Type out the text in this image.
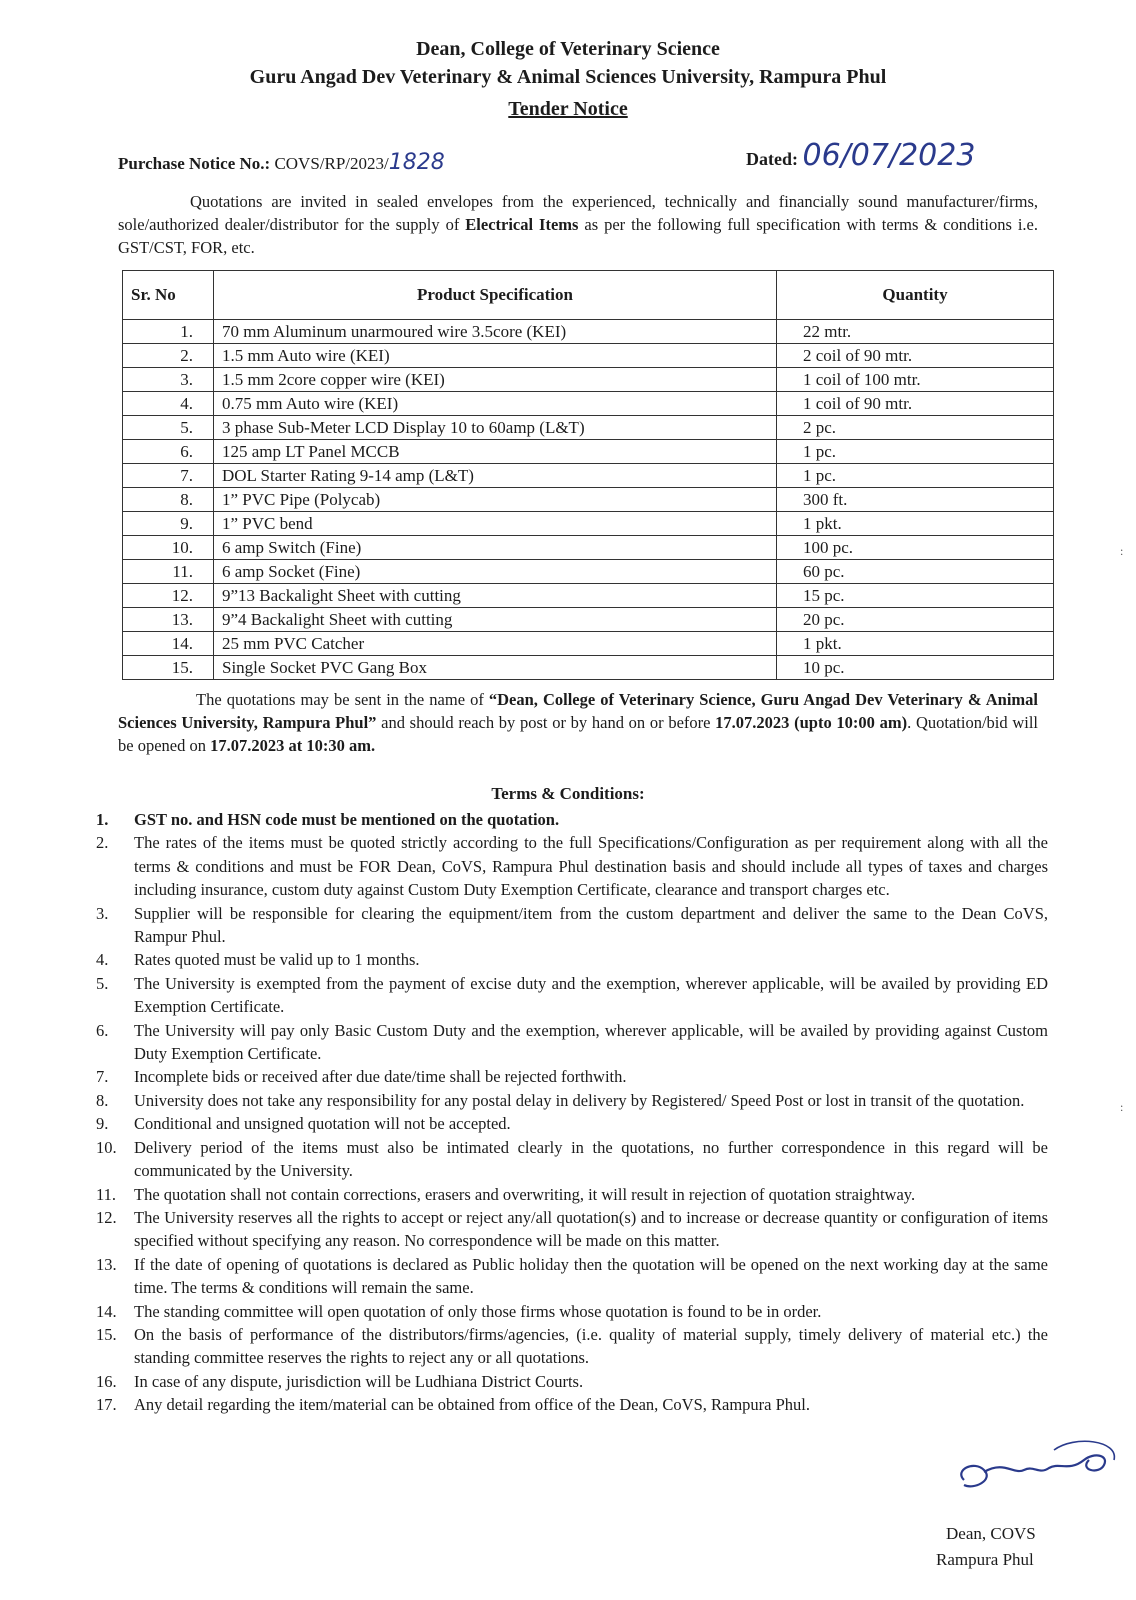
Dean, College of Veterinary Science
Guru Angad Dev Veterinary & Animal Sciences University, Rampura Phul
Tender Notice
Purchase Notice No.: COVS/RP/2023/1828	Dated: 06/07/2023
Quotations are invited in sealed envelopes from the experienced, technically and financially sound manufacturer/firms, sole/authorized dealer/distributor for the supply of Electrical Items as per the following full specification with terms & conditions i.e. GST/CST, FOR, etc.
Sr. No	Product Specification	Quantity
1.	70 mm Aluminum unarmoured wire 3.5core (KEI)	22 mtr.
2.	1.5 mm Auto wire (KEI)	2 coil of 90 mtr.
3.	1.5 mm 2core copper wire (KEI)	1 coil of 100 mtr.
4.	0.75 mm Auto wire (KEI)	1 coil of 90 mtr.
5.	3 phase Sub-Meter LCD Display 10 to 60amp (L&T)	2 pc.
6.	125 amp LT Panel MCCB	1 pc.
7.	DOL Starter Rating 9-14 amp (L&T)	1 pc.
8.	1” PVC Pipe (Polycab)	300 ft.
9.	1” PVC bend	1 pkt.
10.	6 amp Switch (Fine)	100 pc.
11.	6 amp Socket (Fine)	60 pc.
12.	9”13 Backalight Sheet with cutting	15 pc.
13.	9”4 Backalight Sheet with cutting	20 pc.
14.	25 mm PVC Catcher	1 pkt.
15.	Single Socket PVC Gang Box	10 pc.
The quotations may be sent in the name of “Dean, College of Veterinary Science, Guru Angad Dev Veterinary & Animal Sciences University, Rampura Phul” and should reach by post or by hand on or before 17.07.2023 (upto 10:00 am). Quotation/bid will be opened on 17.07.2023 at 10:30 am.
Terms & Conditions:
1. GST no. and HSN code must be mentioned on the quotation.
2. The rates of the items must be quoted strictly according to the full Specifications/Configuration as per requirement along with all the terms & conditions and must be FOR Dean, CoVS, Rampura Phul destination basis and should include all types of taxes and charges including insurance, custom duty against Custom Duty Exemption Certificate, clearance and transport charges etc.
3. Supplier will be responsible for clearing the equipment/item from the custom department and deliver the same to the Dean CoVS, Rampur Phul.
4. Rates quoted must be valid up to 1 months.
5. The University is exempted from the payment of excise duty and the exemption, wherever applicable, will be availed by providing ED Exemption Certificate.
6. The University will pay only Basic Custom Duty and the exemption, wherever applicable, will be availed by providing against Custom Duty Exemption Certificate.
7. Incomplete bids or received after due date/time shall be rejected forthwith.
8. University does not take any responsibility for any postal delay in delivery by Registered/ Speed Post or lost in transit of the quotation.
9. Conditional and unsigned quotation will not be accepted.
10. Delivery period of the items must also be intimated clearly in the quotations, no further correspondence in this regard will be communicated by the University.
11. The quotation shall not contain corrections, erasers and overwriting, it will result in rejection of quotation straightway.
12. The University reserves all the rights to accept or reject any/all quotation(s) and to increase or decrease quantity or configuration of items specified without specifying any reason. No correspondence will be made on this matter.
13. If the date of opening of quotations is declared as Public holiday then the quotation will be opened on the next working day at the same time. The terms & conditions will remain the same.
14. The standing committee will open quotation of only those firms whose quotation is found to be in order.
15. On the basis of performance of the distributors/firms/agencies, (i.e. quality of material supply, timely delivery of material etc.) the standing committee reserves the rights to reject any or all quotations.
16. In case of any dispute, jurisdiction will be Ludhiana District Courts.
17. Any detail regarding the item/material can be obtained from office of the Dean, CoVS, Rampura Phul.
Dean, COVS
Rampura Phul
:
:
